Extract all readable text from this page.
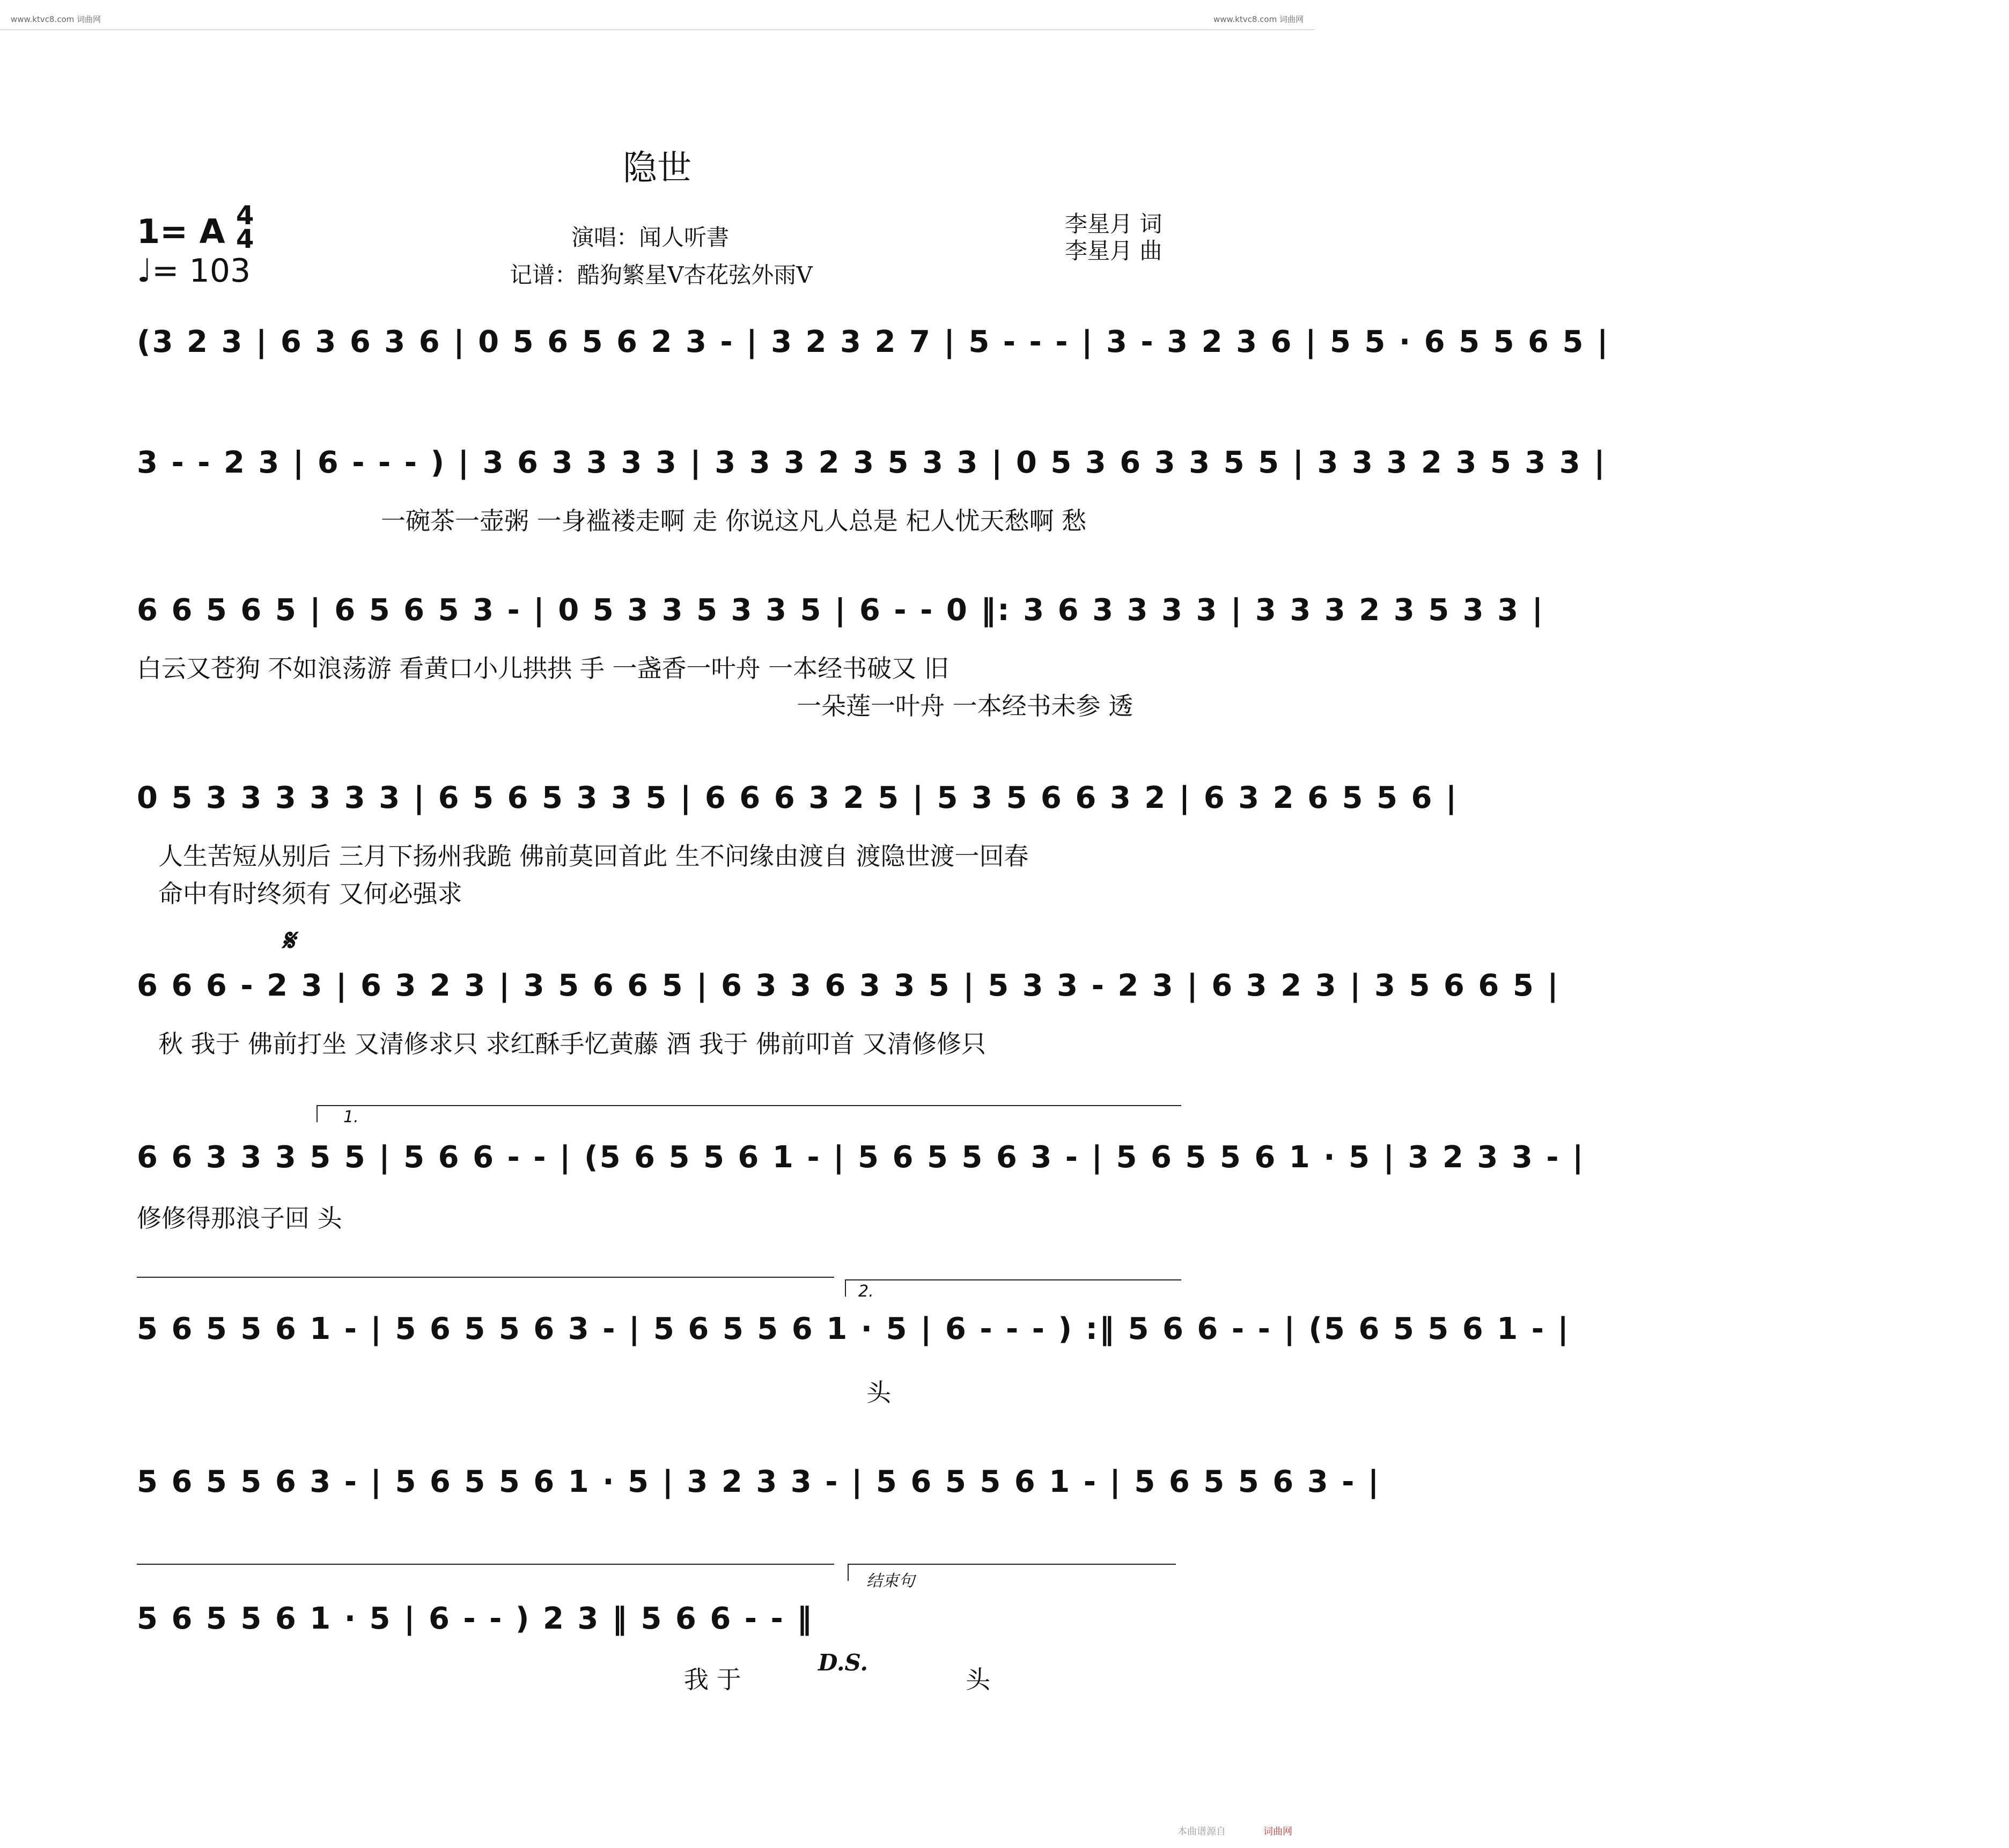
www.ktvc8.com 词曲网	www.ktvc8.com 词曲网
隐世
1= A 4
4
♩= 103
演唱：闻人听書
记谱：酷狗繁星V杏花弦外雨V
李星月 词
李星月 曲
(3 2 3 | 6 3 6 3 6 | 0 5 6 5 6 2 3 - | 3 2 3 2 7 | 5 - - - | 3 - 3 2 3 6 | 5 5 · 6 5 5 6 5 |
3 - - 2 3 | 6 - - - ) | 3 6 3 3 3 3 | 3 3 3 2 3 5 3 3 | 0 5 3 6 3 3 5 5 | 3 3 3 2 3 5 3 3 |
一碗茶一壶粥 一身褴褛走啊 走 你说这凡人总是 杞人忧天愁啊 愁
6 6 5 6 5 | 6 5 6 5 3 - | 0 5 3 3 5 3 3 5 | 6 - - 0 ‖: 3 6 3 3 3 3 | 3 3 3 2 3 5 3 3 |
白云又苍狗 不如浪荡游 看黄口小儿拱拱 手 一盏香一叶舟 一本经书破又 旧
一朵莲一叶舟 一本经书未参 透
0 5 3 3 3 3 3 3 | 6 5 6 5 3 3 5 | 6 6 6 3 2 5 | 5 3 5 6 6 3 2 | 6 3 2 6 5 5 6 |
人生苦短从别后 三月下扬州我跪 佛前莫回首此 生不问缘由渡自 渡隐世渡一回春
命中有时终须有 又何必强求
𝄋
6 6 6 - 2 3 | 6 3 2 3 | 3 5 6 6 5 | 6 3 3 6 3 3 5 | 5 3 3 - 2 3 | 6 3 2 3 | 3 5 6 6 5 |
秋 我于 佛前打坐 又清修求只 求红酥手忆黄藤 酒 我于 佛前叩首 又清修修只
1.
6 6 3 3 3 5 5 | 5 6 6 - - | (5 6 5 5 6 1 - | 5 6 5 5 6 3 - | 5 6 5 5 6 1 · 5 | 3 2 3 3 - |
修修得那浪子回 头
2.
5 6 5 5 6 1 - | 5 6 5 5 6 3 - | 5 6 5 5 6 1 · 5 | 6 - - - ) :‖ 5 6 6 - - | (5 6 5 5 6 1 - |
头
5 6 5 5 6 3 - | 5 6 5 5 6 1 · 5 | 3 2 3 3 - | 5 6 5 5 6 1 - | 5 6 5 5 6 3 - |
结束句
5 6 5 5 6 1 · 5 | 6 - - ) 2 3 ‖ 5 6 6 - - ‖
我 于
D.S.
头
本曲谱源自	词曲网
